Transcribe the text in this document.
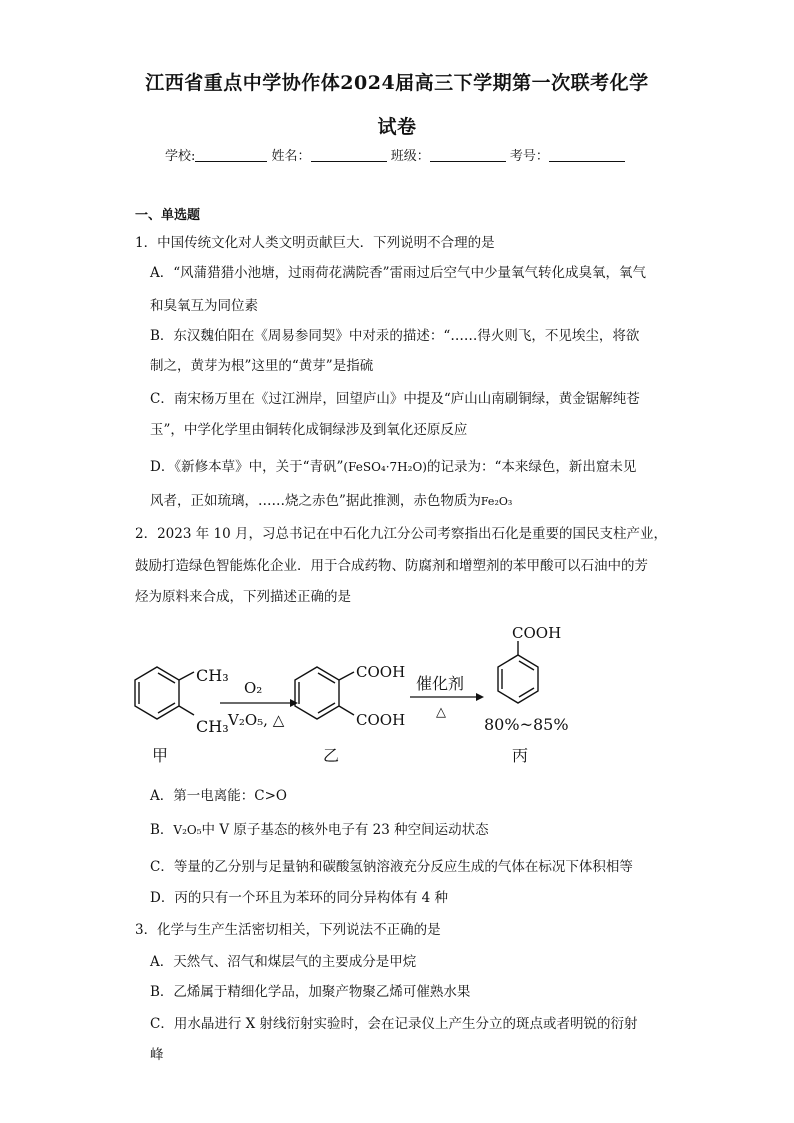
江西省重点中学协作体2024届高三下学期第一次联考化学
试卷
学校:	姓名：	班级：	考号：
一、单选题
1．中国传统文化对人类文明贡献巨大．下列说明不合理的是
A．“风蒲猎猎小池塘，过雨荷花满院香”雷雨过后空气中少量氧气转化成臭氧，氧气
和臭氧互为同位素
B．东汉魏伯阳在《周易参同契》中对汞的描述：“……得火则飞，不见埃尘，将欲
制之，黄芽为根”这里的“黄芽”是指硫
C．南宋杨万里在《过江洲岸，回望庐山》中提及“庐山山南刷铜绿，黄金锯解纯苍
玉”，中学化学里由铜转化成铜绿涉及到氧化还原反应
D．《新修本草》中，关于“青矾”(FeSO₄·7H₂O)的记录为：“本来绿色，新出窟未见
风者，正如琉璃，……烧之赤色”据此推测，赤色物质为Fe₂O₃
2．2023 年 10 月，习总书记在中石化九江分公司考察指出石化是重要的国民支柱产业，
鼓励打造绿色智能炼化企业．用于合成药物、防腐剂和增塑剂的苯甲酸可以石油中的芳
烃为原料来合成，下列描述正确的是
CH₃
CH₃
O₂
V₂O₅, △
COOH
COOH
催化剂
△
COOH
80%~85%
甲	乙	丙
A．第一电离能：C>O
B．V₂O₅中 V 原子基态的核外电子有 23 种空间运动状态
C．等量的乙分别与足量钠和碳酸氢钠溶液充分反应生成的气体在标况下体积相等
D．丙的只有一个环且为苯环的同分异构体有 4 种
3．化学与生产生活密切相关，下列说法不正确的是
A．天然气、沼气和煤层气的主要成分是甲烷
B．乙烯属于精细化学品，加聚产物聚乙烯可催熟水果
C．用水晶进行 X 射线衍射实验时，会在记录仪上产生分立的斑点或者明锐的衍射
峰
